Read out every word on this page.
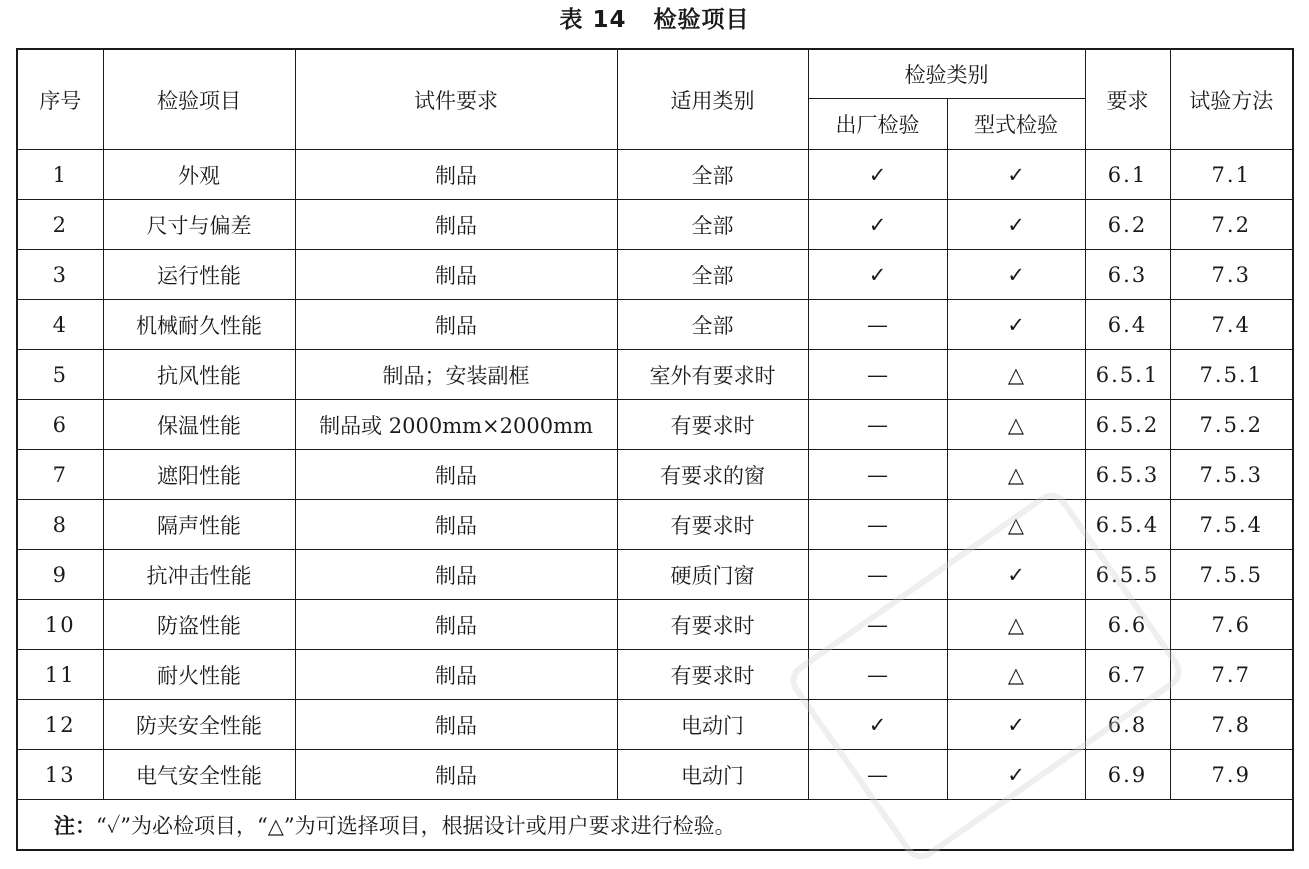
表 14   检验项目
序号	检验项目	试件要求	适用类别	检验类别		要求	试验方法
				出厂检验	型式检验		
1	外观	制品	全部	✓	✓	6.1	7.1
2	尺寸与偏差	制品	全部	✓	✓	6.2	7.2
3	运行性能	制品	全部	✓	✓	6.3	7.3
4	机械耐久性能	制品	全部	—	✓	6.4	7.4
5	抗风性能	制品；安装副框	室外有要求时	—	△	6.5.1	7.5.1
6	保温性能	制品或 2000mm×2000mm	有要求时	—	△	6.5.2	7.5.2
7	遮阳性能	制品	有要求的窗	—	△	6.5.3	7.5.3
8	隔声性能	制品	有要求时	—	△	6.5.4	7.5.4
9	抗冲击性能	制品	硬质门窗	—	✓	6.5.5	7.5.5
10	防盗性能	制品	有要求时	—	△	6.6	7.6
11	耐火性能	制品	有要求时	—	△	6.7	7.7
12	防夹安全性能	制品	电动门	✓	✓	6.8	7.8
13	电气安全性能	制品	电动门	—	✓	6.9	7.9
注：“✓”为必检项目，“△”为可选择项目，根据设计或用户要求进行检验。							
